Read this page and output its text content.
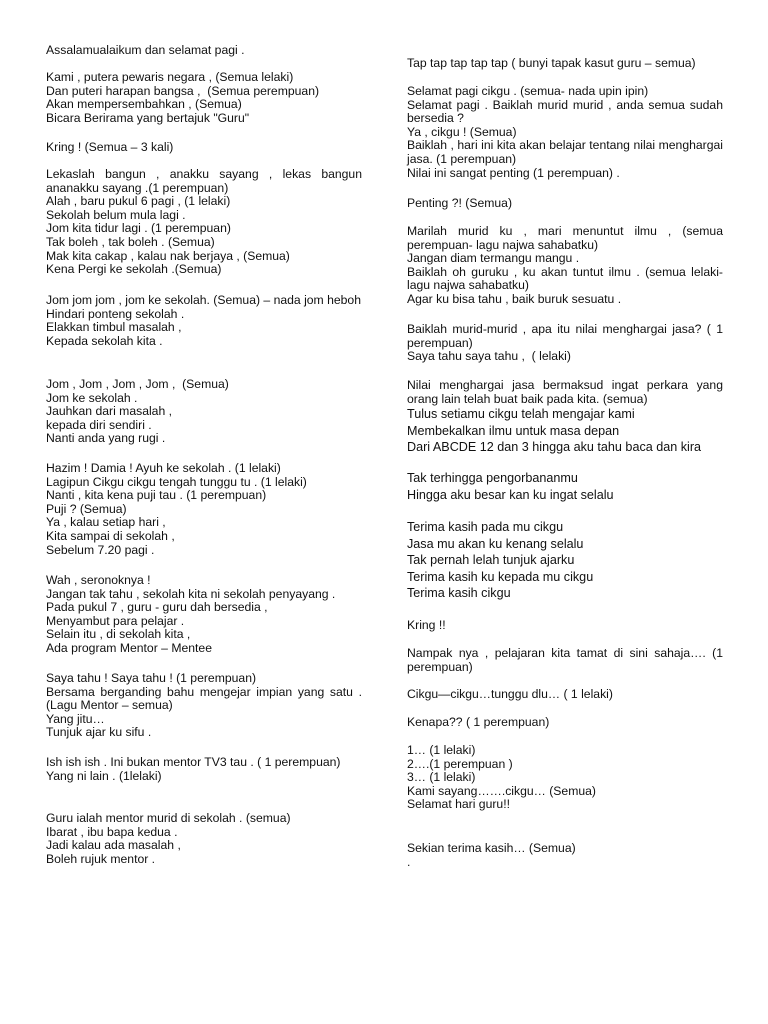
Assalamualaikum dan selamat pagi .
Kami , putera pewaris negara , (Semua lelaki)
Dan puteri harapan bangsa ,  (Semua perempuan)
Akan mempersembahkan , (Semua)
Bicara Berirama yang bertajuk "Guru"
Kring ! (Semua – 3 kali)
Lekaslah bangun , anakku sayang , lekas bangun ananakku sayang .(1 perempuan)
Alah , baru pukul 6 pagi , (1 lelaki)
Sekolah belum mula lagi .
Jom kita tidur lagi . (1 perempuan)
Tak boleh , tak boleh . (Semua)
Mak kita cakap , kalau nak berjaya , (Semua)
Kena Pergi ke sekolah .(Semua)
Jom jom jom , jom ke sekolah. (Semua) – nada jom heboh
Hindari ponteng sekolah .
Elakkan timbul masalah ,
Kepada sekolah kita .
Jom , Jom , Jom , Jom ,  (Semua)
Jom ke sekolah .
Jauhkan dari masalah ,
kepada diri sendiri .
Nanti anda yang rugi .
Hazim ! Damia ! Ayuh ke sekolah . (1 lelaki)
Lagipun Cikgu cikgu tengah tunggu tu . (1 lelaki)
Nanti , kita kena puji tau . (1 perempuan)
Puji ? (Semua)
Ya , kalau setiap hari ,
Kita sampai di sekolah ,
Sebelum 7.20 pagi .
Wah , seronoknya !
Jangan tak tahu , sekolah kita ni sekolah penyayang .
Pada pukul 7 , guru - guru dah bersedia ,
Menyambut para pelajar .
Selain itu , di sekolah kita ,
Ada program Mentor – Mentee
Saya tahu ! Saya tahu ! (1 perempuan)
Bersama berganding bahu mengejar impian yang satu . (Lagu Mentor – semua)
Yang jitu…
Tunjuk ajar ku sifu .
Ish ish ish . Ini bukan mentor TV3 tau . ( 1 perempuan)
Yang ni lain . (1lelaki)
Guru ialah mentor murid di sekolah . (semua)
Ibarat , ibu bapa kedua .
Jadi kalau ada masalah ,
Boleh rujuk mentor .
Tap tap tap tap tap ( bunyi tapak kasut guru – semua)
Selamat pagi cikgu . (semua- nada upin ipin)
Selamat pagi . Baiklah murid murid , anda semua sudah bersedia ?
Ya , cikgu ! (Semua)
Baiklah , hari ini kita akan belajar tentang nilai menghargai jasa. (1 perempuan)
Nilai ini sangat penting (1 perempuan) .
Penting ?! (Semua)
Marilah murid ku , mari menuntut ilmu , (semua perempuan- lagu najwa sahabatku)
Jangan diam termangu mangu .
Baiklah oh guruku , ku akan tuntut ilmu . (semua lelaki-lagu najwa sahabatku)
Agar ku bisa tahu , baik buruk sesuatu .
Baiklah murid-murid , apa itu nilai menghargai jasa? ( 1 perempuan)
Saya tahu saya tahu ,  ( lelaki)
Nilai menghargai jasa bermaksud ingat perkara yang orang lain telah buat baik pada kita. (semua)
Tulus setiamu cikgu telah mengajar kami
Membekalkan ilmu untuk masa depan
Dari ABCDE 12 dan 3 hingga aku tahu baca dan kira
Tak terhingga pengorbananmu
Hingga aku besar kan ku ingat selalu
Terima kasih pada mu cikgu
Jasa mu akan ku kenang selalu
Tak pernah lelah tunjuk ajarku
Terima kasih ku kepada mu cikgu
Terima kasih cikgu
Kring !!
Nampak nya , pelajaran kita tamat di sini sahaja…. (1 perempuan)
Cikgu—cikgu…tunggu dlu… ( 1 lelaki)
Kenapa?? ( 1 perempuan)
1… (1 lelaki)
2….(1 perempuan )
3… (1 lelaki)
Kami sayang…….cikgu… (Semua)
Selamat hari guru!!
Sekian terima kasih… (Semua)
.
